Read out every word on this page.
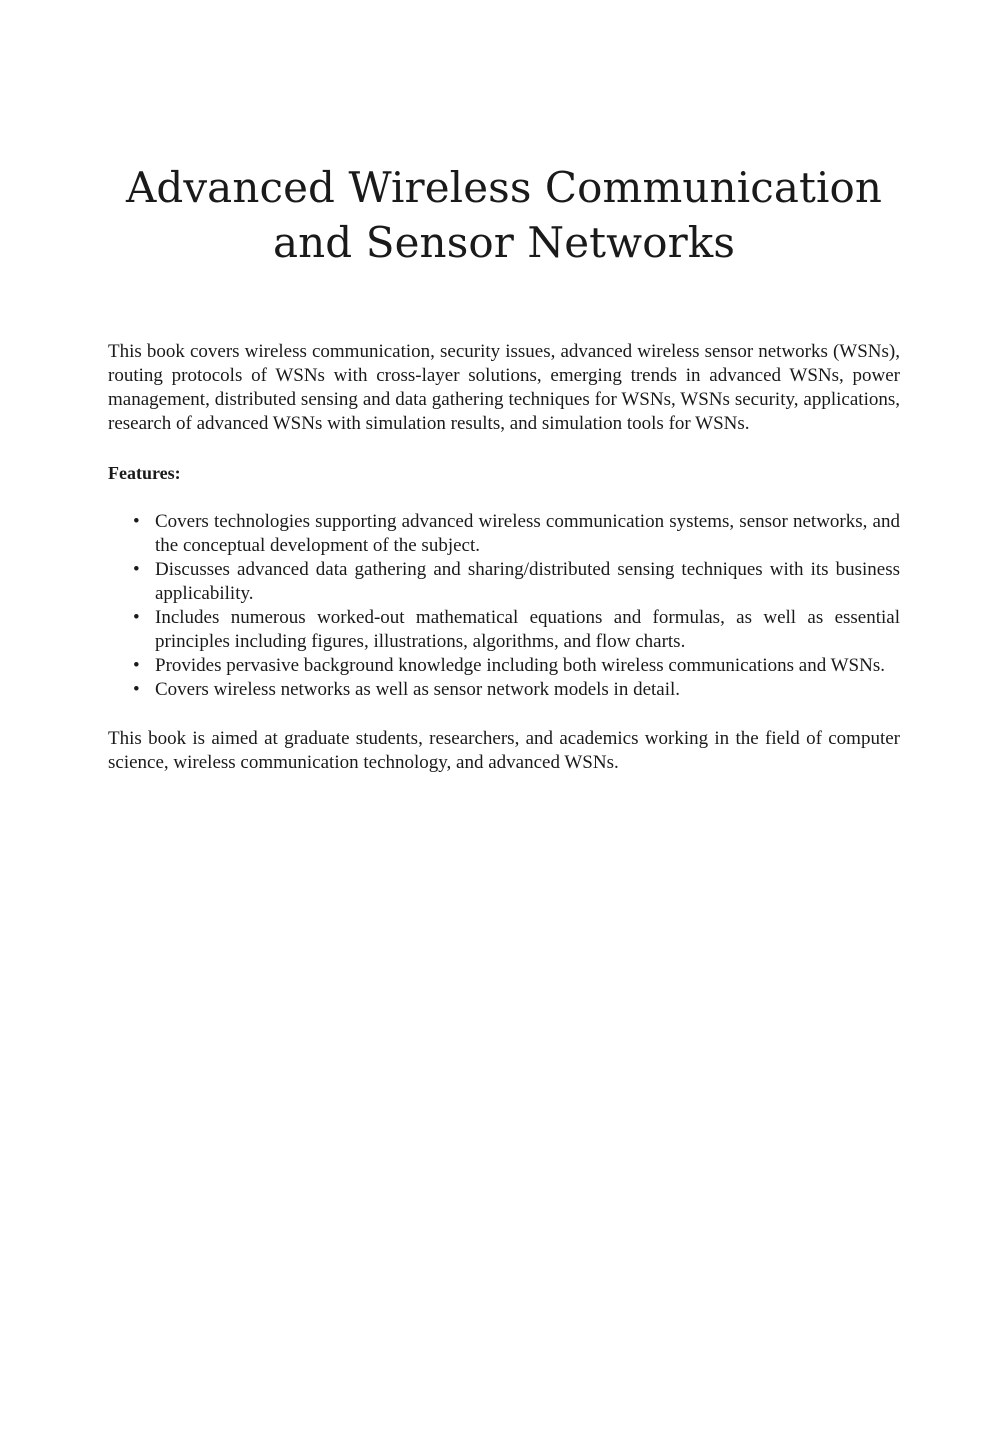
Advanced Wireless Communication
and Sensor Networks

This book covers wireless communication, security issues, advanced wireless sensor networks (WSNs), routing protocols of WSNs with cross-layer solutions, emerging trends in advanced WSNs, power management, distributed sensing and data gathering techniques for WSNs, WSNs security, applications, research of advanced WSNs with simulation results, and simulation tools for WSNs.

Features:

• Covers technologies supporting advanced wireless communication systems, sensor networks, and the conceptual development of the subject.
• Discusses advanced data gathering and sharing/distributed sensing techniques with its business applicability.
• Includes numerous worked-out mathematical equations and formulas, as well as essential principles including figures, illustrations, algorithms, and flow charts.
• Provides pervasive background knowledge including both wireless communications and WSNs.
• Covers wireless networks as well as sensor network models in detail.

This book is aimed at graduate students, researchers, and academics working in the field of computer science, wireless communication technology, and advanced WSNs.
